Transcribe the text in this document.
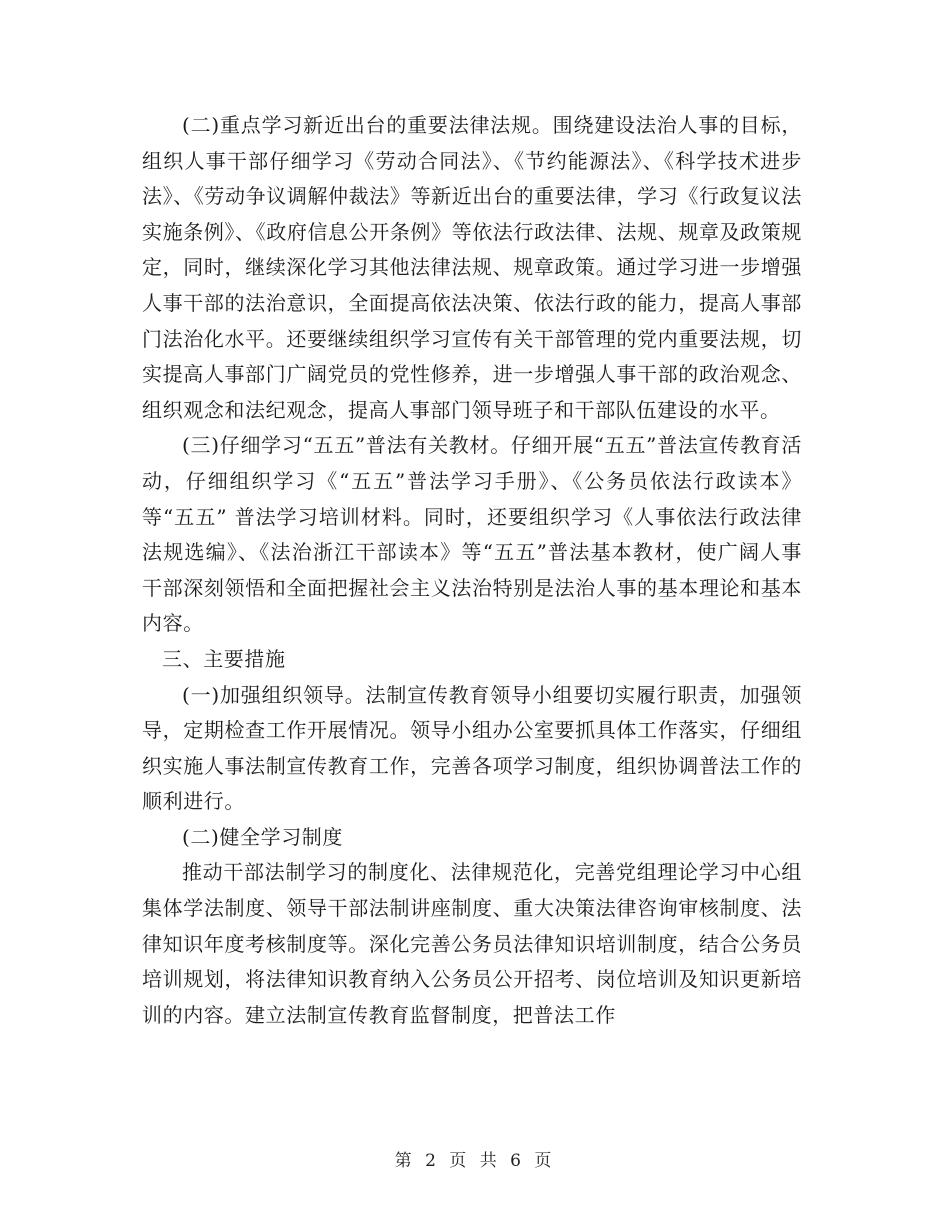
(二)重点学习新近出台的重要法律法规。围绕建设法治人事的目标，组织人事干部仔细学习《劳动合同法》、《节约能源法》、《科学技术进步法》、《劳动争议调解仲裁法》等新近出台的重要法律，学习《行政复议法实施条例》、《政府信息公开条例》等依法行政法律、法规、规章及政策规定，同时，继续深化学习其他法律法规、规章政策。通过学习进一步增强人事干部的法治意识，全面提高依法决策、依法行政的能力，提高人事部门法治化水平。还要继续组织学习宣传有关干部管理的党内重要法规，切实提高人事部门广阔党员的党性修养，进一步增强人事干部的政治观念、组织观念和法纪观念，提高人事部门领导班子和干部队伍建设的水平。

(三)仔细学习“五五”普法有关教材。仔细开展“五五”普法宣传教育活动，仔细组织学习《“五五”普法学习手册》、《公务员依法行政读本》等“五五” 普法学习培训材料。同时，还要组织学习《人事依法行政法律法规选编》、《法治浙江干部读本》等“五五”普法基本教材，使广阔人事干部深刻领悟和全面把握社会主义法治特别是法治人事的基本理论和基本内容。

三、主要措施

(一)加强组织领导。法制宣传教育领导小组要切实履行职责，加强领导，定期检查工作开展情况。领导小组办公室要抓具体工作落实，仔细组织实施人事法制宣传教育工作，完善各项学习制度，组织协调普法工作的顺利进行。

(二)健全学习制度

推动干部法制学习的制度化、法律规范化，完善党组理论学习中心组集体学法制度、领导干部法制讲座制度、重大决策法律咨询审核制度、法律知识年度考核制度等。深化完善公务员法律知识培训制度，结合公务员培训规划，将法律知识教育纳入公务员公开招考、岗位培训及知识更新培训的内容。建立法制宣传教育监督制度，把普法工作

第 2 页 共 6 页
